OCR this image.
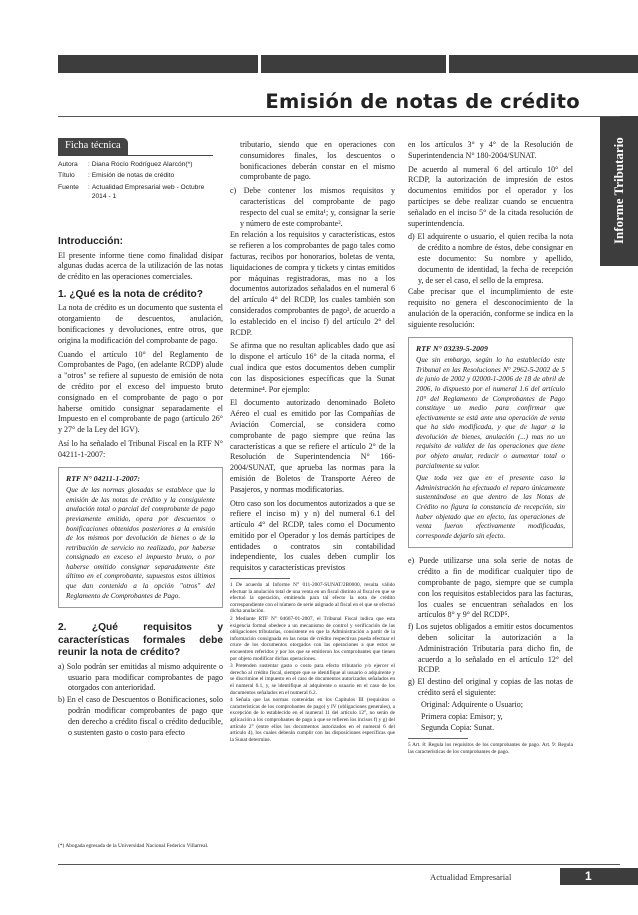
Informe Tributario
Emisión de notas de crédito
Ficha técnica
Autora	: Diana Rocío Rodríguez Alarcón(*)
Título	: Emisión de notas de crédito
Fuente	: Actualidad Empresarial web - Octubre 2014 - 1
Introducción:
El presente informe tiene como finalidad disipar algunas dudas acerca de la utilización de las notas de crédito en las operaciones comerciales.
1. ¿Qué es la nota de crédito?
La nota de crédito es un documento que sustenta el otorgamiento de descuentos, anulación, bonificaciones y devoluciones, entre otros, que origina la modificación del comprobante de pago.
Cuando el artículo 10° del Reglamento de Comprobantes de Pago, (en adelante RCDP) alude a "otros" se refiere al supuesto de emisión de nota de crédito por el exceso del impuesto bruto consignado en el comprobante de pago o por haberse omitido consignar separadamente el Impuesto en el comprobante de pago (artículo 26° y 27° de la Ley del IGV).
Así lo ha señalado el Tribunal Fiscal en la RTF N° 04211-1-2007:
RTF N° 04211-1-2007:
Que de las normas glosadas se establece que la emisión de las notas de crédito y la consiguiente anulación total o parcial del comprobante de pago previamente emitido, opera por descuentos o bonificaciones obtenidos posteriores a la emisión de los mismos por devolución de bienes o de la retribución de servicio no realizado, por haberse consignado en exceso el impuesto bruto, o por haberse omitido consignar separadamente éste último en el comprobante, supuestos estos últimos que dan contenido a la opción "otros" del Reglamento de Comprobantes de Pago.
2. ¿Qué requisitos y características formales debe reunir la nota de crédito?
a) Solo podrán ser emitidas al mismo adquirente o usuario para modificar comprobantes de pago otorgados con anterioridad.
b) En el caso de Descuentos o Bonificaciones, solo podrán modificar comprobantes de pago que den derecho a crédito fiscal o crédito deducible, o sustenten gasto o costo para efecto
(*) Abogada egresada de la Universidad Nacional Federico Villarreal.
tributario, siendo que en operaciones con consumidores finales, los descuentos o bonificaciones deberán constar en el mismo comprobante de pago.
c) Debe contener los mismos requisitos y características del comprobante de pago respecto del cual se emita¹; y, consignar la serie y número de este comprobante².
En relación a los requisitos y características, estos se refieren a los comprobantes de pago tales como facturas, recibos por honorarios, boletas de venta, liquidaciones de compra y tickets y cintas emitidos por máquinas registradoras, mas no a los documentos autorizados señalados en el numeral 6 del artículo 4° del RCDP, los cuales también son considerados comprobantes de pago³, de acuerdo a lo establecido en el inciso f) del artículo 2° del RCDP.
Se afirma que no resultan aplicables dado que así lo dispone el artículo 16° de la citada norma, el cual indica que estos documentos deben cumplir con las disposiciones específicas que la Sunat determine⁴. Por ejemplo:
El documento autorizado denominado Boleto Aéreo el cual es emitido por las Compañías de Aviación Comercial, se considera como comprobante de pago siempre que reúna las características a que se refiere el artículo 2° de la Resolución de Superintendencia N° 166-2004/SUNAT, que aprueba las normas para la emisión de Boletos de Transporte Aéreo de Pasajeros, y normas modificatorias.
Otro caso son los documentos autorizados a que se refiere el inciso m) y n) del numeral 6.1 del artículo 4° del RCDP, tales como el Documento emitido por el Operador y los demás partícipes de entidades o contratos sin contabilidad independiente, los cuales deben cumplir los requisitos y características previstos
1 De acuerdo al Informe N° 011-2007-SUNAT/2B0000, resulta válido efectuar la anulación total de una venta en un fiscal distinto al fiscal en que se efectuó la operación, emitiendo para tal efecto la nota de crédito correspondiente con el número de serie asignado al fiscal en el que se efectuó dicha anulación.
2 Mediante RTF N° 04667-01-2007, el Tribunal Fiscal indica que esta exigencia formal obedece a un mecanismo de control y verificación de las obligaciones tributarias, consistente en que la Administración a partir de la información consignada en las notas de crédito respectivas pueda efectuar el cruce de los documentos otorgados con las operaciones a que estos se encuentren referidos y por los que se emitieron los comprobantes que tienen por objeto modificar dichas operaciones.
3 Pretenden sustentar gasto o costo para efecto tributario y/o ejercer el derecho al crédito fiscal, siempre que se identifique al usuario o adquirente y se discrimine el impuesto en el caso de documentos autorizados señalados en el numeral 6.1, y, se identifique al adquirente o usuario en el caso de los documentos señalados en el numeral 6.2.
4 Señala que las normas contenidas en los Capítulos III (requisitos o características de los comprobantes de pago) y IV (obligaciones generales), a excepción de lo establecido en el numeral 11 del artículo 12°, no serán de aplicación a los comprobantes de pago a que se refieren los incisos f) y g) del artículo 2° (entre ellos los documentos autorizados en el numeral 6 del artículo 4), los cuales deberán cumplir con las disposiciones específicas que la Sunat determine.
en los artículos 3° y 4° de la Resolución de Superintendencia N° 180-2004/SUNAT.
De acuerdo al numeral 6 del artículo 10° del RCDP, la autorización de impresión de estos documentos emitidos por el operador y los partícipes se debe realizar cuando se encuentra señalado en el inciso 5° de la citada resolución de superintendencia.
d) El adquirente o usuario, el quien reciba la nota de crédito a nombre de éstos, debe consignar en este documento: Su nombre y apellido, documento de identidad, la fecha de recepción y, de ser el caso, el sello de la empresa.
Cabe precisar que el incumplimiento de este requisito no genera el desconocimiento de la anulación de la operación, conforme se indica en la siguiente resolución:
RTF N° 03239-5-2009
Que sin embargo, según lo ha establecido este Tribunal en las Resoluciones N° 2962-5-2002 de 5 de junio de 2002 y 02000-1-2006 de 18 de abril de 2006, lo dispuesto por el numeral 1.6 del artículo 10° del Reglamento de Comprobantes de Pago constituye un medio para confirmar que efectivamente se está ante una operación de venta que ha sido modificada, y que de lugar a la devolución de bienes, anulación (...) mas no un requisito de validez de las operaciones que tiene por objeto anular, reducir o aumentar total o parcialmente su valor.
Que toda vez que en el presente caso la Administración ha efectuado el reparo únicamente sustentándose en que dentro de las Notas de Crédito no figura la constancia de recepción, sin haber objetado que en efecto, las operaciones de venta fueron efectivamente modificadas, corresponde dejarlo sin efecto.
e) Puede utilizarse una sola serie de notas de crédito a fin de modificar cualquier tipo de comprobante de pago, siempre que se cumpla con los requisitos establecidos para las facturas, los cuales se encuentran señalados en los artículos 8° y 9° del RCDP⁵.
f) Los sujetos obligados a emitir estos documentos deben solicitar la autorización a la Administración Tributaria para dicho fin, de acuerdo a lo señalado en el artículo 12° del RCDP.
g) El destino del original y copias de las notas de crédito será el siguiente:
Original: Adquirente o Usuario;
Primera copia: Emisor; y,
Segunda Copia: Sunat.
5 Art. 8: Regula los requisitos de los comprobantes de pago. Art. 9: Regula las características de los comprobantes de pago.
Actualidad Empresarial	1
